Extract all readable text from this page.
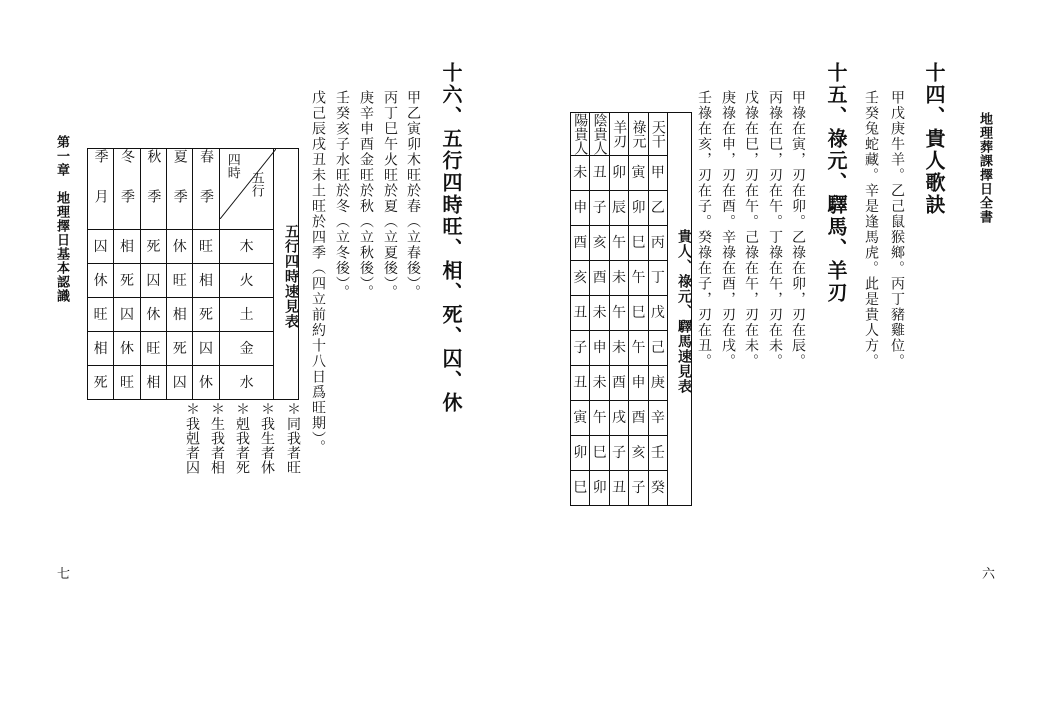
地理葬課擇日全書
十四、貴人歌訣
甲戊庚牛羊。乙己鼠猴鄉。丙丁豬雞位。
壬癸兔蛇藏。辛是逢馬虎。此是貴人方。
十五、祿元、驛馬、羊刃
甲祿在寅，刃在卯。乙祿在卯，刃在辰。
丙祿在巳，刃在午。丁祿在午，刃在未。
戊祿在巳，刃在午。己祿在午，刃在未。
庚祿在申，刃在酉。辛祿在酉，刃在戌。
壬祿在亥，刃在子。癸祿在子，刃在丑。
陽貴人	陰貴人	羊刃	祿元	天干	貴人、祿元、驛馬速見表
未	丑	卯	寅	甲	
申	子	辰	卯	乙	
酉	亥	午	巳	丙	
亥	酉	未	午	丁	
丑	未	午	巳	戊	
子	申	未	午	己	
丑	未	酉	申	庚	
寅	午	戌	酉	辛	
卯	巳	子	亥	壬	
巳	卯	丑	子	癸	
六
十六、五行四時旺、相、死、囚、休
甲乙寅卯木旺於春（立春後）。
丙丁巳午火旺於夏（立夏後）。
庚辛申酉金旺於秋（立秋後）。
壬癸亥子水旺於冬（立冬後）。
戊己辰戌丑未土旺於四季（四立前約十八日爲旺期）。
季月	冬季	秋季	夏季	春季	五行
四時	五行四時速見表
囚	相	死	休	旺	木	
休	死	囚	旺	相	火	
旺	囚	休	相	死	土	
相	休	旺	死	囚	金	
死	旺	相	囚	休	水	
＊同我者旺
＊我生者休
＊剋我者死
＊生我者相
＊我剋者囚
第一章　地理擇日基本認識
七
